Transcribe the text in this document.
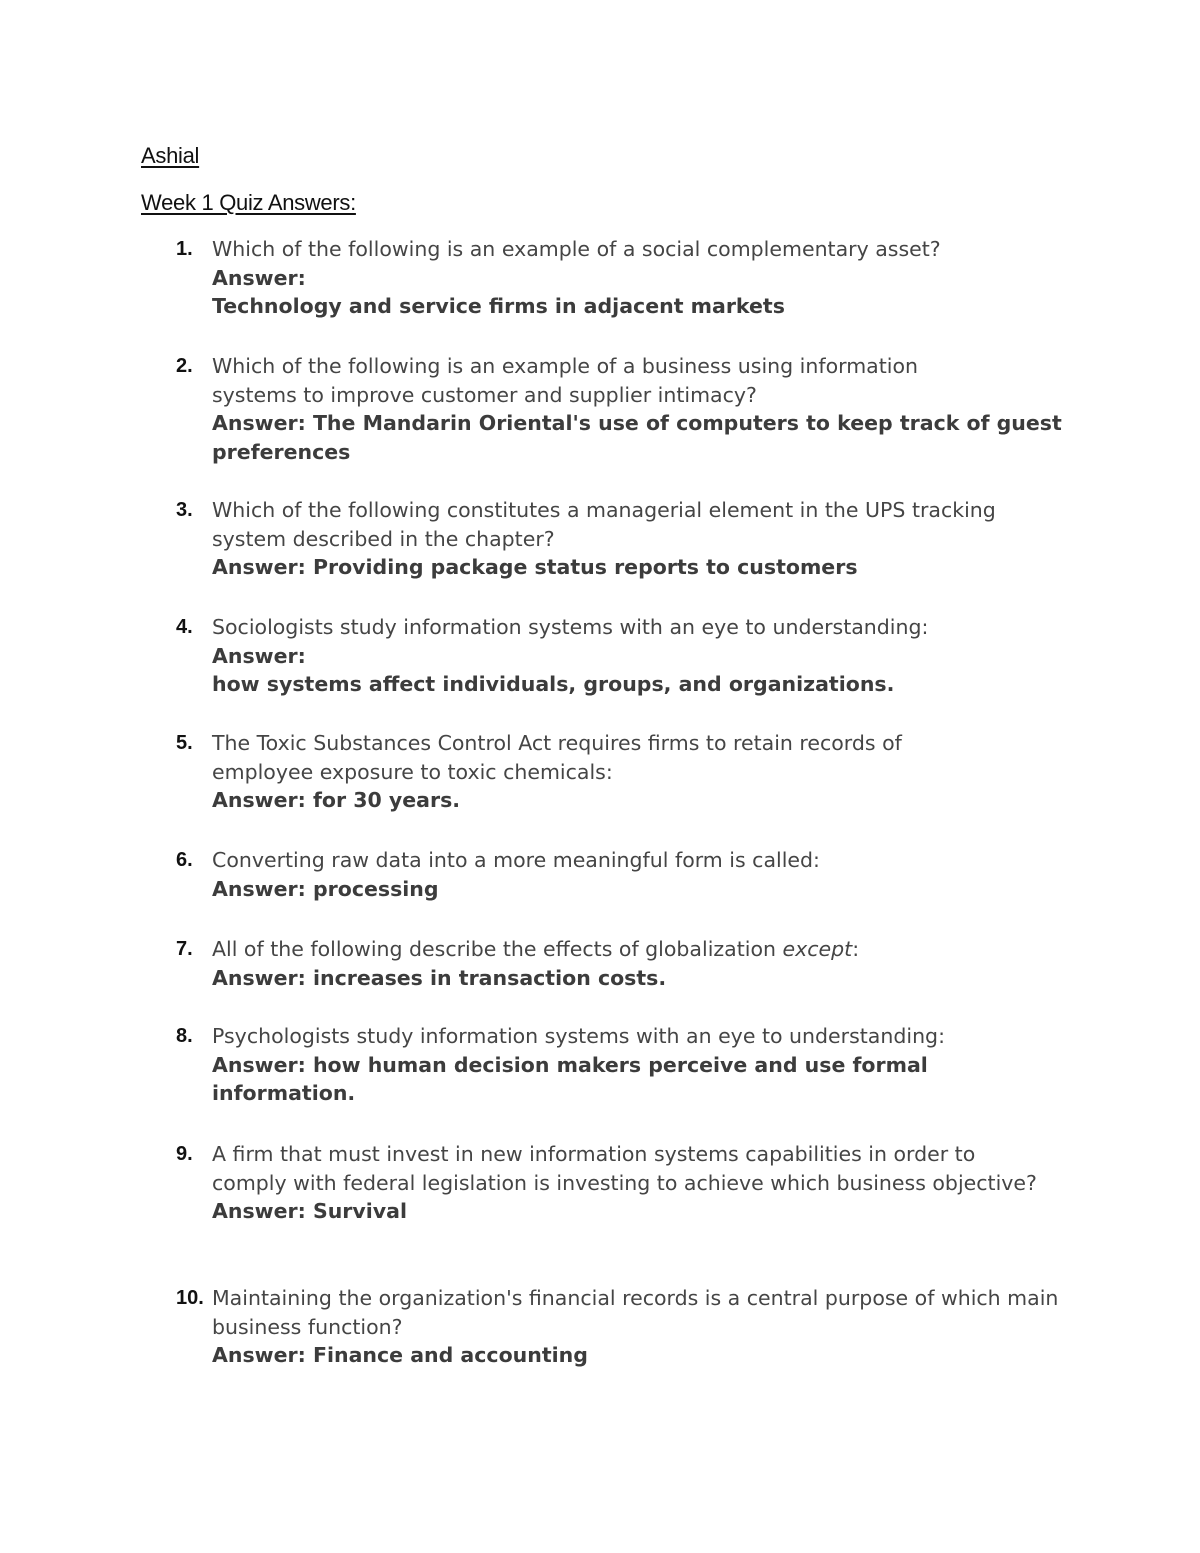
Ashial
Week 1 Quiz Answers:
1. Which of the following is an example of a social complementary asset?
Answer:
Technology and service firms in adjacent markets
2. Which of the following is an example of a business using information systems to improve customer and supplier intimacy?
Answer: The Mandarin Oriental's use of computers to keep track of guest preferences
3. Which of the following constitutes a managerial element in the UPS tracking system described in the chapter?
Answer: Providing package status reports to customers
4. Sociologists study information systems with an eye to understanding:
Answer:
how systems affect individuals, groups, and organizations.
5. The Toxic Substances Control Act requires firms to retain records of employee exposure to toxic chemicals:
Answer: for 30 years.
6. Converting raw data into a more meaningful form is called:
Answer: processing
7. All of the following describe the effects of globalization except:
Answer: increases in transaction costs.
8. Psychologists study information systems with an eye to understanding:
Answer: how human decision makers perceive and use formal information.
9. A firm that must invest in new information systems capabilities in order to comply with federal legislation is investing to achieve which business objective?
Answer: Survival
10. Maintaining the organization's financial records is a central purpose of which main business function?
Answer: Finance and accounting
